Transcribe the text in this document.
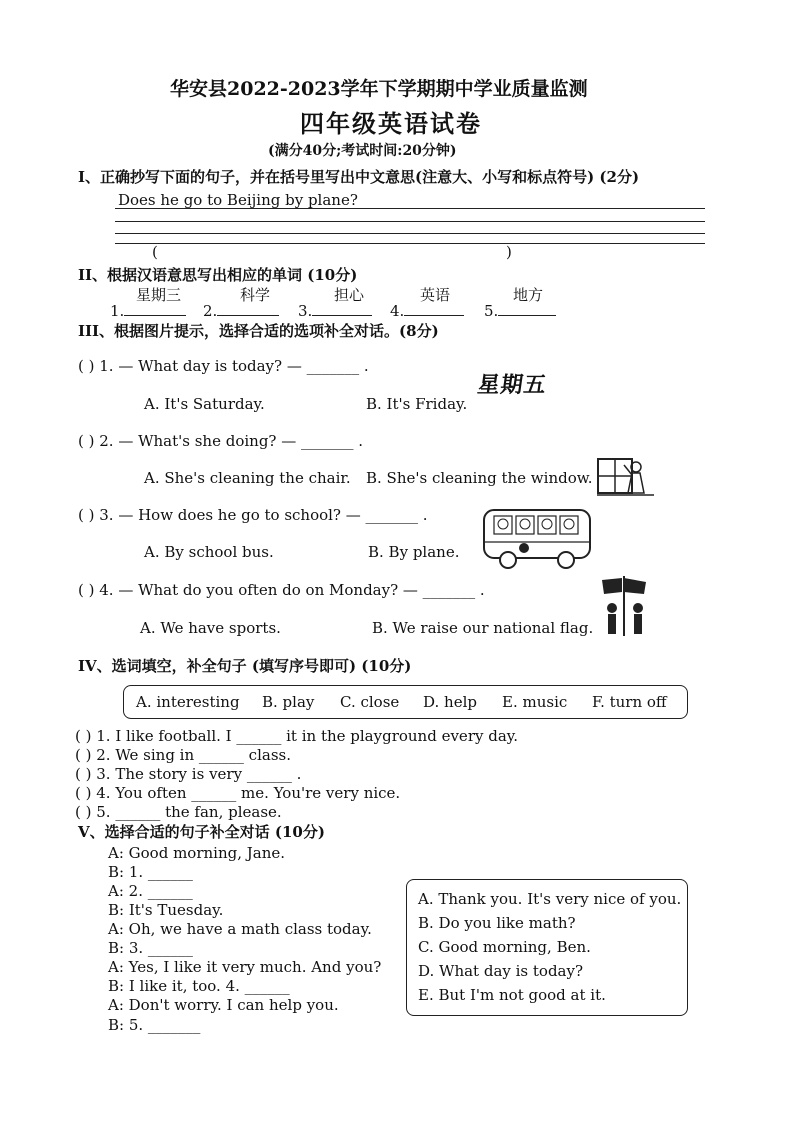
华安县2022-2023学年下学期期中学业质量监测
四年级英语试卷
(满分40分;考试时间:20分钟)
I、正确抄写下面的句子，并在括号里写出中文意思(注意大、小写和标点符号) (2分)
Does he go to Beijing by plane?
(	)
II、根据汉语意思写出相应的单词 (10分)
星期三	科学	担心	英语	地方
1.	2.	3.	4.	5.
III、根据图片提示，选择合适的选项补全对话。(8分)
( ) 1. — What day is today? — _______ .
A. It's Saturday.	B. It's Friday.
星期五
( ) 2. — What's she doing? — _______ .
A. She's cleaning the chair. B. She's cleaning the window.
( ) 3. — How does he go to school? — _______ .
A. By school bus.	B. By plane.
( ) 4. — What do you often do on Monday? — _______ .
A. We have sports.	B. We raise our national flag.
IV、选词填空，补全句子 (填写序号即可) (10分)
A. interesting B. play C. close D. help E. music F. turn off
( ) 1. I like football. I ______ it in the playground every day.
( ) 2. We sing in ______ class.
( ) 3. The story is very ______ .
( ) 4. You often ______ me. You're very nice.
( ) 5. ______ the fan, please.
V、选择合适的句子补全对话 (10分)
A: Good morning, Jane.
B: 1. ______
A: 2. ______
B: It's Tuesday.
A: Oh, we have a math class today.
B: 3. ______
A: Yes, I like it very much. And you?
B: I like it, too. 4. ______
A: Don't worry. I can help you.
B: 5. _______
A. Thank you. It's very nice of you.
B. Do you like math?
C. Good morning, Ben.
D. What day is today?
E. But I'm not good at it.
